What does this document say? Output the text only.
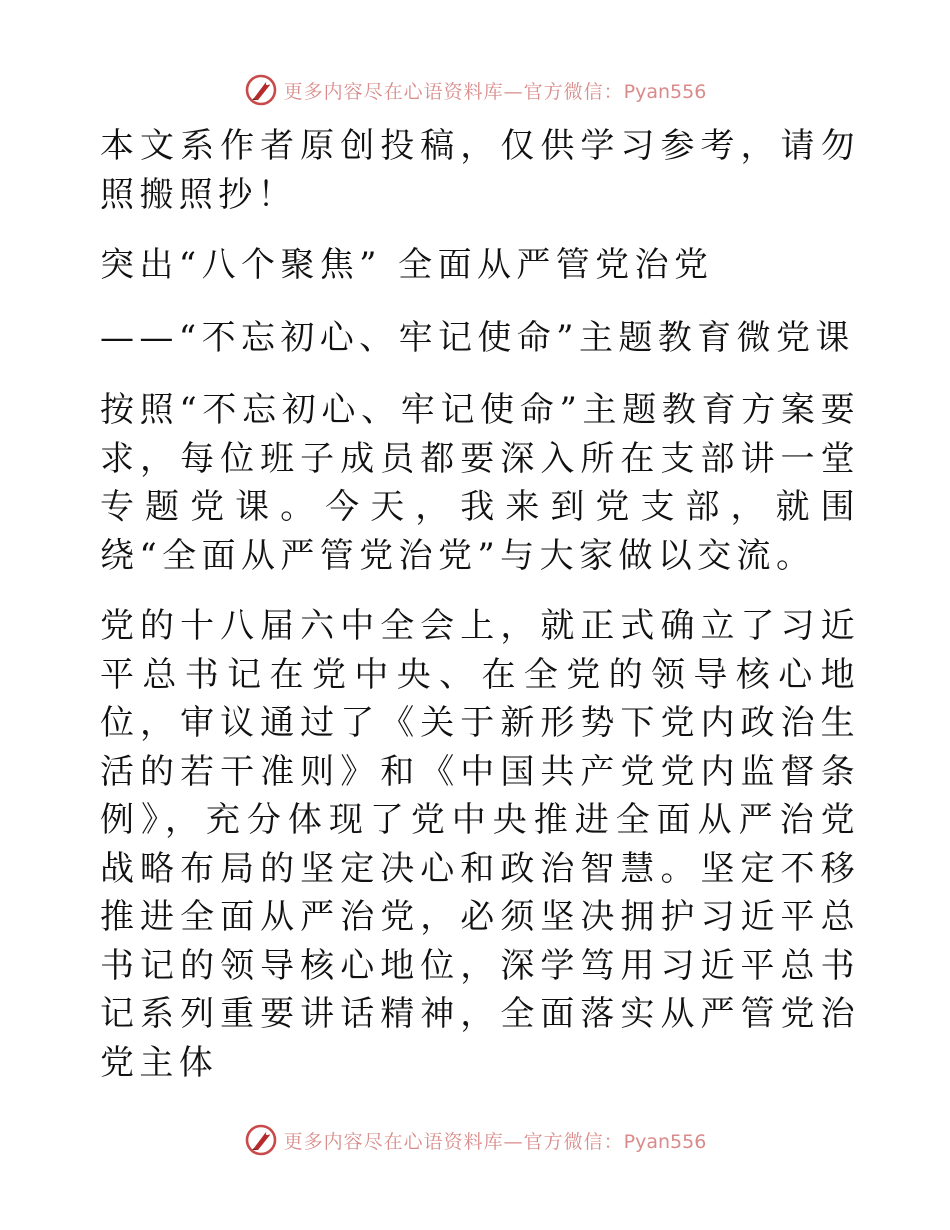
更多内容尽在心语资料库—官方微信：Pyan556

本文系作者原创投稿，仅供学习参考，请勿照搬照抄！

突出“八个聚焦” 全面从严管党治党

——“不忘初心、牢记使命”主题教育微党课

按照“不忘初心、牢记使命”主题教育方案要求，每位班子成员都要深入所在支部讲一堂专题党课。今天，我来到党支部，就围绕“全面从严管党治党”与大家做以交流。

党的十八届六中全会上，就正式确立了习近平总书记在党中央、在全党的领导核心地位，审议通过了《关于新形势下党内政治生活的若干准则》和《中国共产党党内监督条例》，充分体现了党中央推进全面从严治党战略布局的坚定决心和政治智慧。坚定不移推进全面从严治党，必须坚决拥护习近平总书记的领导核心地位，深学笃用习近平总书记系列重要讲话精神，全面落实从严管党治党主体

更多内容尽在心语资料库—官方微信：Pyan556
